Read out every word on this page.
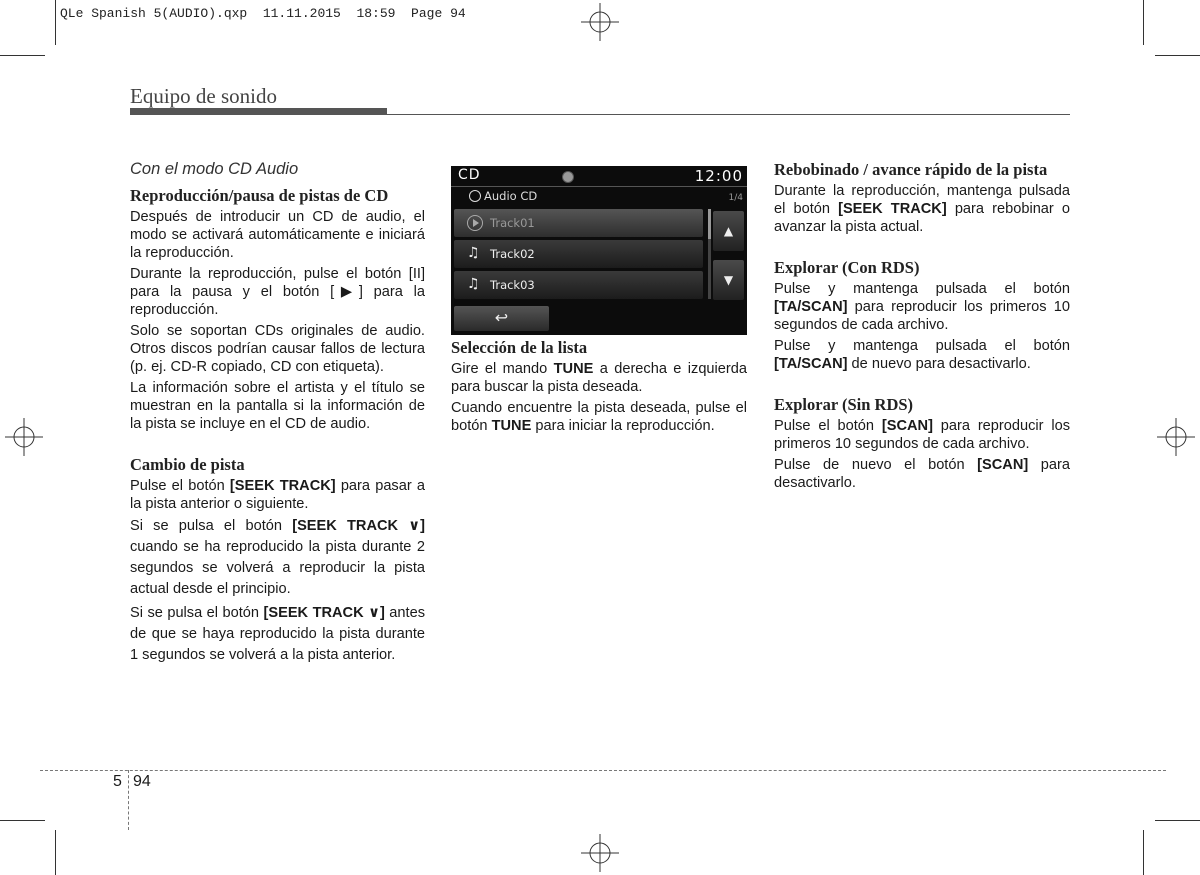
QLe Spanish 5(AUDIO).qxp  11.11.2015  18:59  Page 94
Equipo de sonido

Con el modo CD Audio

Reproducción/pausa de pistas de CD

Después de introducir un CD de audio, el modo se activará automáticamente e iniciará la reproducción.

Durante la reproducción, pulse el botón [II] para la pausa y el botón [▶] para la reproducción.

Solo se soportan CDs originales de audio. Otros discos podrían causar fallos de lectura (p. ej. CD-R copiado, CD con etiqueta).

La información sobre el artista y el título se muestran en la pantalla si la información de la pista se incluye en el CD de audio.

Cambio de pista

Pulse el botón [SEEK TRACK] para pasar a la pista anterior o siguiente.

Si se pulsa el botón [SEEK TRACK ∨] cuando se ha reproducido la pista durante 2 segundos se volverá a reproducir la pista actual desde el principio.

Si se pulsa el botón [SEEK TRACK ∨] antes de que se haya reproducido la pista durante 1 segundos se volverá a la pista anterior.

CD	12:00
Audio CD	1/4
Track01
♫ Track02
♫ Track03
▲
▼
↩

Selección de la lista

Gire el mando TUNE a derecha e izquierda para buscar la pista deseada.

Cuando encuentre la pista deseada, pulse el botón TUNE para iniciar la reproducción.

Rebobinado / avance rápido de la pista

Durante la reproducción, mantenga pulsada el botón [SEEK TRACK] para rebobinar o avanzar la pista actual.

Explorar (Con RDS)

Pulse y mantenga pulsada el botón [TA/SCAN] para reproducir los primeros 10 segundos de cada archivo.

Pulse y mantenga pulsada el botón [TA/SCAN] de nuevo para desactivarlo.

Explorar (Sin RDS)

Pulse el botón [SCAN] para reproducir los primeros 10 segundos de cada archivo.

Pulse de nuevo el botón [SCAN] para desactivarlo.

5 94
